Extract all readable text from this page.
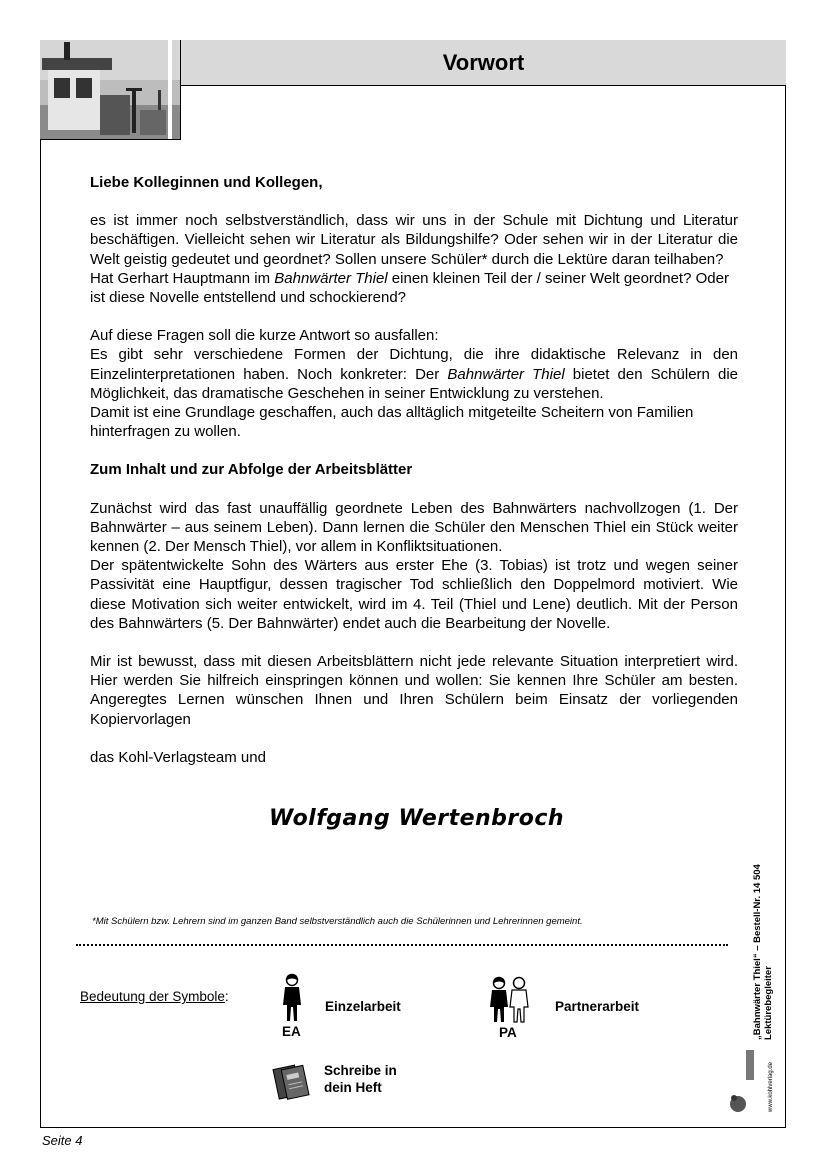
Vorwort

Liebe Kolleginnen und Kollegen,

es ist immer noch selbstverständlich, dass wir uns in der Schule mit Dichtung und Literatur beschäftigen. Vielleicht sehen wir Literatur als Bildungshilfe? Oder sehen wir in der Literatur die Welt geistig gedeutet und geordnet? Sollen unsere Schüler* durch die Lektüre daran teilhaben?

Hat Gerhart Hauptmann im Bahnwärter Thiel einen kleinen Teil der / seiner Welt geordnet? Oder ist diese Novelle entstellend und schockierend?

Auf diese Fragen soll die kurze Antwort so ausfallen:

Es gibt sehr verschiedene Formen der Dichtung, die ihre didaktische Relevanz in den Einzelinterpretationen haben. Noch konkreter: Der Bahnwärter Thiel bietet den Schülern die Möglichkeit, das dramatische Geschehen in seiner Entwicklung zu verstehen.

Damit ist eine Grundlage geschaffen, auch das alltäglich mitgeteilte Scheitern von Familien hinterfragen zu wollen.

Zum Inhalt und zur Abfolge der Arbeitsblätter

Zunächst wird das fast unauffällig geordnete Leben des Bahnwärters nachvollzogen (1. Der Bahnwärter – aus seinem Leben). Dann lernen die Schüler den Menschen Thiel ein Stück weiter kennen (2. Der Mensch Thiel), vor allem in Konfliktsituationen.

Der spätentwickelte Sohn des Wärters aus erster Ehe (3. Tobias) ist trotz und wegen seiner Passivität eine Hauptfigur, dessen tragischer Tod schließlich den Doppelmord motiviert. Wie diese Motivation sich weiter entwickelt, wird im 4. Teil (Thiel und Lene) deutlich. Mit der Person des Bahnwärters (5. Der Bahnwärter) endet auch die Bearbeitung der Novelle.

Mir ist bewusst, dass mit diesen Arbeitsblättern nicht jede relevante Situation interpretiert wird. Hier werden Sie hilfreich einspringen können und wollen: Sie kennen Ihre Schüler am besten. Angeregtes Lernen wünschen Ihnen und Ihren Schülern beim Einsatz der vorliegenden Kopiervorlagen

das Kohl-Verlagsteam und

Wolfgang Wertenbroch
*Mit Schülern bzw. Lehrern sind im ganzen Band selbstverständlich auch die Schülerinnen und Lehrerinnen gemeint.
Bedeutung der Symbole:
Einzelarbeit
EA
Partnerarbeit
PA
Schreibe in
dein Heft
„Bahnwärter Thiel“ – Bestell-Nr. 14 504 Lektürebegleiter
www.kohlverlag.de
Seite 4
